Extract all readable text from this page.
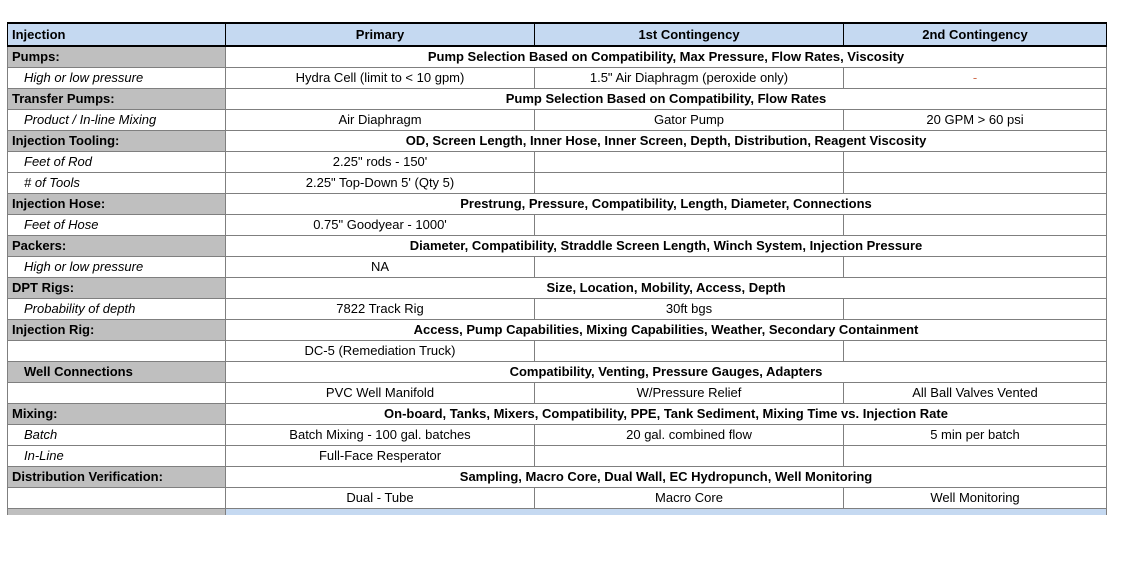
Injection	Primary	1st Contingency	2nd Contingency
Pumps:	Pump Selection Based on Compatibility, Max Pressure, Flow Rates, Viscosity		
High or low pressure	Hydra Cell (limit to < 10 gpm)	1.5" Air Diaphragm (peroxide only)	-
Transfer Pumps:	Pump Selection Based on Compatibility, Flow Rates		
Product / In-line Mixing	Air Diaphragm	Gator Pump	20 GPM > 60 psi
Injection Tooling:	OD, Screen Length, Inner Hose, Inner Screen, Depth, Distribution, Reagent Viscosity		
Feet of Rod	2.25" rods - 150'		
# of Tools	2.25" Top-Down 5' (Qty 5)		
Injection Hose:	Prestrung, Pressure, Compatibility, Length, Diameter, Connections		
Feet of Hose	0.75" Goodyear - 1000'		
Packers:	Diameter, Compatibility, Straddle Screen Length, Winch System, Injection Pressure		
High or low pressure	NA		
DPT Rigs:	Size, Location, Mobility, Access, Depth		
Probability of depth	7822 Track Rig	30ft bgs	
Injection Rig:	Access, Pump Capabilities, Mixing Capabilities, Weather, Secondary Containment		
	DC-5 (Remediation Truck)		
Well Connections	Compatibility, Venting, Pressure Gauges, Adapters		
	PVC Well Manifold	W/Pressure Relief	All Ball Valves Vented
Mixing:	On-board, Tanks, Mixers, Compatibility, PPE, Tank Sediment, Mixing Time vs. Injection Rate		
Batch	Batch Mixing - 100 gal. batches	20 gal. combined flow	5 min per batch
In-Line	Full-Face Resperator		
Distribution Verification:	Sampling, Macro Core, Dual Wall, EC Hydropunch, Well Monitoring		
	Dual - Tube	Macro Core	Well Monitoring
